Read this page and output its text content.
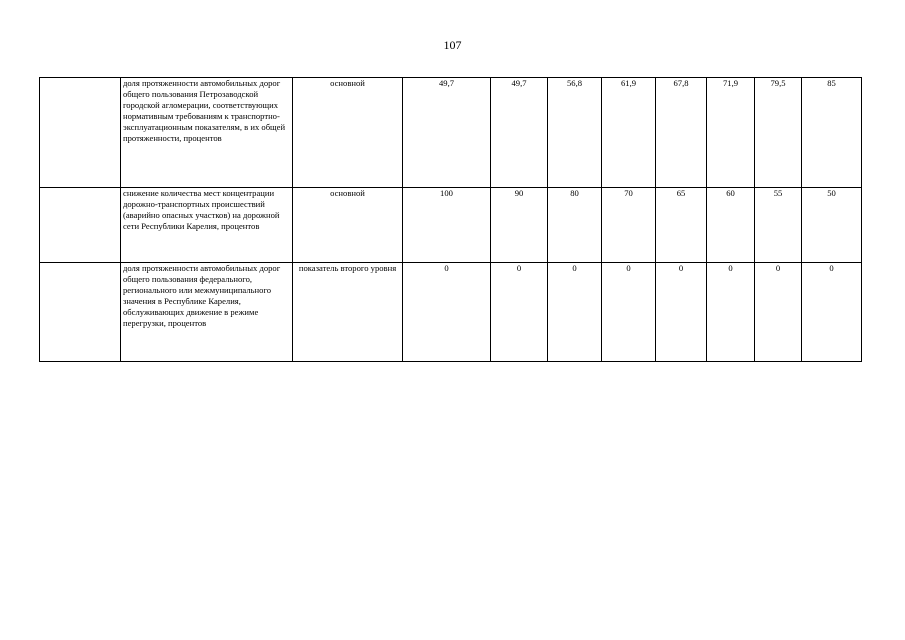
107
	доля протяженности автомобильных дорог общего пользования Петрозаводской городской агломерации, соответствующих нормативным требованиям к транспортно-эксплуатационным показателям, в их общей протяженности, процентов	основной	49,7	49,7	56,8	61,9	67,8	71,9	79,5	85
	снижение количества мест концентрации дорожно-транспортных происшествий (аварийно опасных участков) на дорожной сети Республики Карелия, процентов	основной	100	90	80	70	65	60	55	50
	доля протяженности автомобильных дорог общего пользования федерального, регионального или межмуниципального значения в Республике Карелия, обслуживающих движение в режиме перегрузки, процентов	показатель второго уровня	0	0	0	0	0	0	0	0
